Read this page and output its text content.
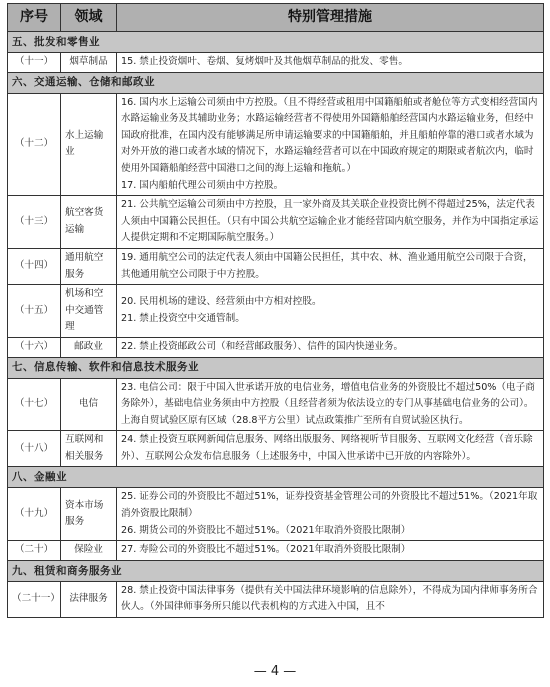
序号	领域	特别管理措施
五、批发和零售业		
（十一）	烟草制品	15. 禁止投资烟叶、卷烟、复烤烟叶及其他烟草制品的批发、零售。

六、交通运输、仓储和邮政业		
（十二）	水上运输业	16. 国内水上运输公司须由中方控股。（且不得经营或租用中国籍船舶或者舱位等方式变相经营国内水路运输业务及其辅助业务；水路运输经营者不得使用外国籍船舶经营国内水路运输业务，但经中国政府批准，在国内没有能够满足所申请运输要求的中国籍船舶，并且船舶停靠的港口或者水域为对外开放的港口或者水域的情况下，水路运输经营者可以在中国政府规定的期限或者航次内，临时使用外国籍船舶经营中国港口之间的海上运输和拖航。）
17. 国内船舶代理公司须由中方控股。

（十三）	航空客货运输	21. 公共航空运输公司须由中方控股，且一家外商及其关联企业投资比例不得超过25%，法定代表人须由中国籍公民担任。（只有中国公共航空运输企业才能经营国内航空服务，并作为中国指定承运人提供定期和不定期国际航空服务。）

（十四）	通用航空服务	19. 通用航空公司的法定代表人须由中国籍公民担任，其中农、林、渔业通用航空公司限于合资，其他通用航空公司限于中方控股。

（十五）	机场和空中交通管理	20. 民用机场的建设、经营须由中方相对控股。
21. 禁止投资空中交通管制。

（十六）	邮政业	22. 禁止投资邮政公司（和经营邮政服务）、信件的国内快递业务。

七、信息传输、软件和信息技术服务业		
（十七）	电信	23. 电信公司：限于中国入世承诺开放的电信业务，增值电信业务的外资股比不超过50%（电子商务除外），基础电信业务须由中方控股（且经营者须为依法设立的专门从事基础电信业务的公司）。上海自贸试验区原有区域（28.8平方公里）试点政策推广至所有自贸试验区执行。

（十八）	互联网和相关服务	24. 禁止投资互联网新闻信息服务、网络出版服务、网络视听节目服务、互联网文化经营（音乐除外）、互联网公众发布信息服务（上述服务中，中国入世承诺中已开放的内容除外）。

八、金融业		
（十九）	资本市场服务	25. 证券公司的外资股比不超过51%，证券投资基金管理公司的外资股比不超过51%。（2021年取消外资股比限制）
26. 期货公司的外资股比不超过51%。（2021年取消外资股比限制）

（二十）	保险业	27. 寿险公司的外资股比不超过51%。（2021年取消外资股比限制）

九、租赁和商务服务业		
（二十一）	法律服务	28. 禁止投资中国法律事务（提供有关中国法律环境影响的信息除外），不得成为国内律师事务所合伙人。（外国律师事务所只能以代表机构的方式进入中国，且不
— 4 —
